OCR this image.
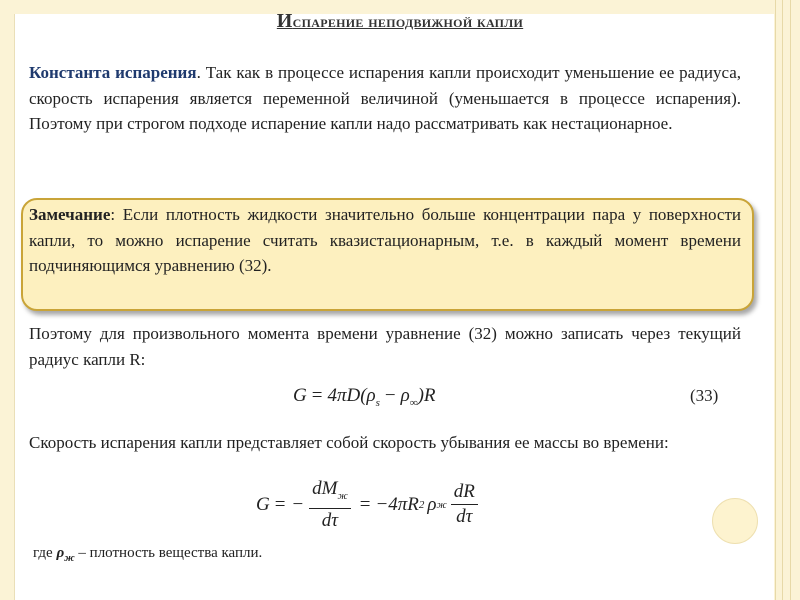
Испарение неподвижной капли
Константа испарения. Так как в процессе испарения капли происходит уменьшение ее радиуса, скорость испарения является переменной величиной (уменьшается в процессе испарения). Поэтому при строгом подходе испарение капли надо рассматривать как нестационарное.
Замечание: Если плотность жидкости значительно больше концентрации пара у поверхности капли, то можно испарение считать квазистационарным, т.е. в каждый момент времени подчиняющимся уравнению (32).
Поэтому для произвольного момента времени уравнение (32) можно записать через текущий радиус капли R:
$G = 4\pi D(\rho_s - \rho_\infty)R$	(33)
Скорость испарения капли представляет собой скорость убывания ее массы во времени:
G = − $\frac{dM_ж}{d\tau} = -4\pi R$ 2 ρ ж $\frac{dR}{d\tau}$
где $\rho_ж$ – плотность вещества капли.
